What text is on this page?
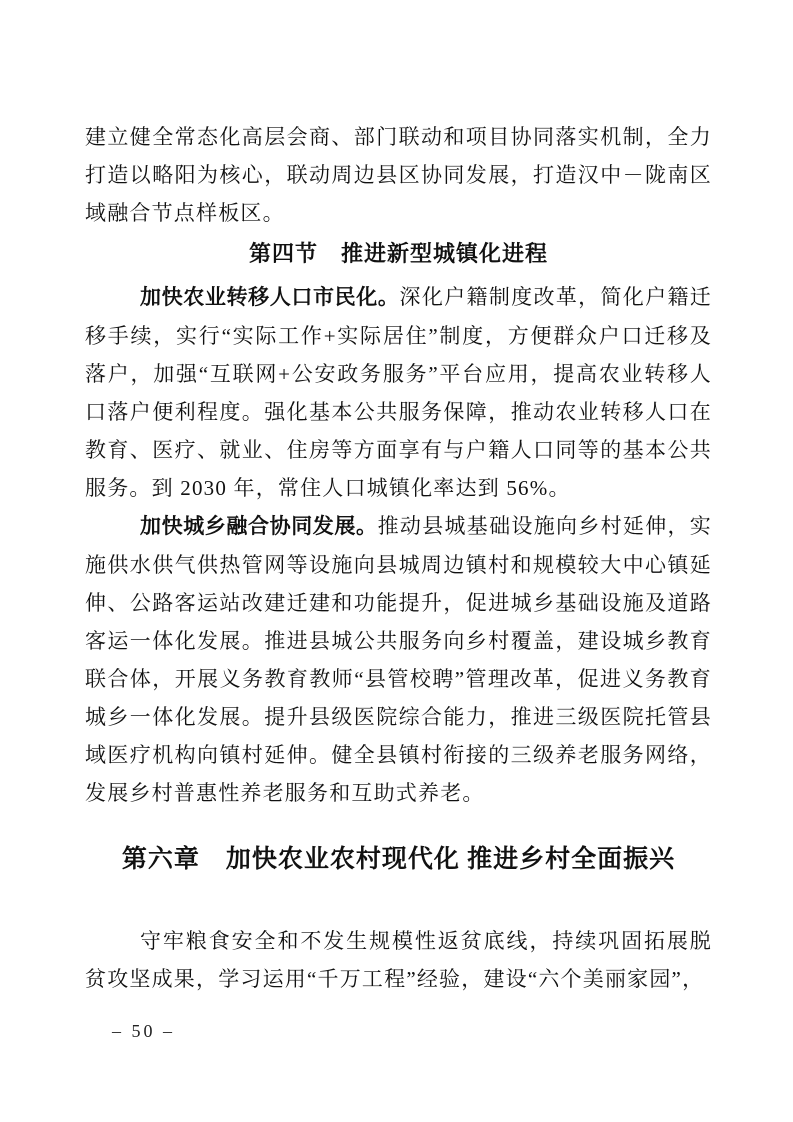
建立健全常态化高层会商、部门联动和项目协同落实机制，全力打造以略阳为核心，联动周边县区协同发展，打造汉中－陇南区域融合节点样板区。

第四节　推进新型城镇化进程

加快农业转移人口市民化。深化户籍制度改革，简化户籍迁移手续，实行“实际工作+实际居住”制度，方便群众户口迁移及落户，加强“互联网+公安政务服务”平台应用，提高农业转移人口落户便利程度。强化基本公共服务保障，推动农业转移人口在教育、医疗、就业、住房等方面享有与户籍人口同等的基本公共服务。到 2030 年，常住人口城镇化率达到 56%。

加快城乡融合协同发展。推动县城基础设施向乡村延伸，实施供水供气供热管网等设施向县城周边镇村和规模较大中心镇延伸、公路客运站改建迁建和功能提升，促进城乡基础设施及道路客运一体化发展。推进县城公共服务向乡村覆盖，建设城乡教育联合体，开展义务教育教师“县管校聘”管理改革，促进义务教育城乡一体化发展。提升县级医院综合能力，推进三级医院托管县域医疗机构向镇村延伸。健全县镇村衔接的三级养老服务网络，发展乡村普惠性养老服务和互助式养老。

第六章　加快农业农村现代化 推进乡村全面振兴

守牢粮食安全和不发生规模性返贫底线，持续巩固拓展脱贫攻坚成果，学习运用“千万工程”经验，建设“六个美丽家园”，

– 50 –
